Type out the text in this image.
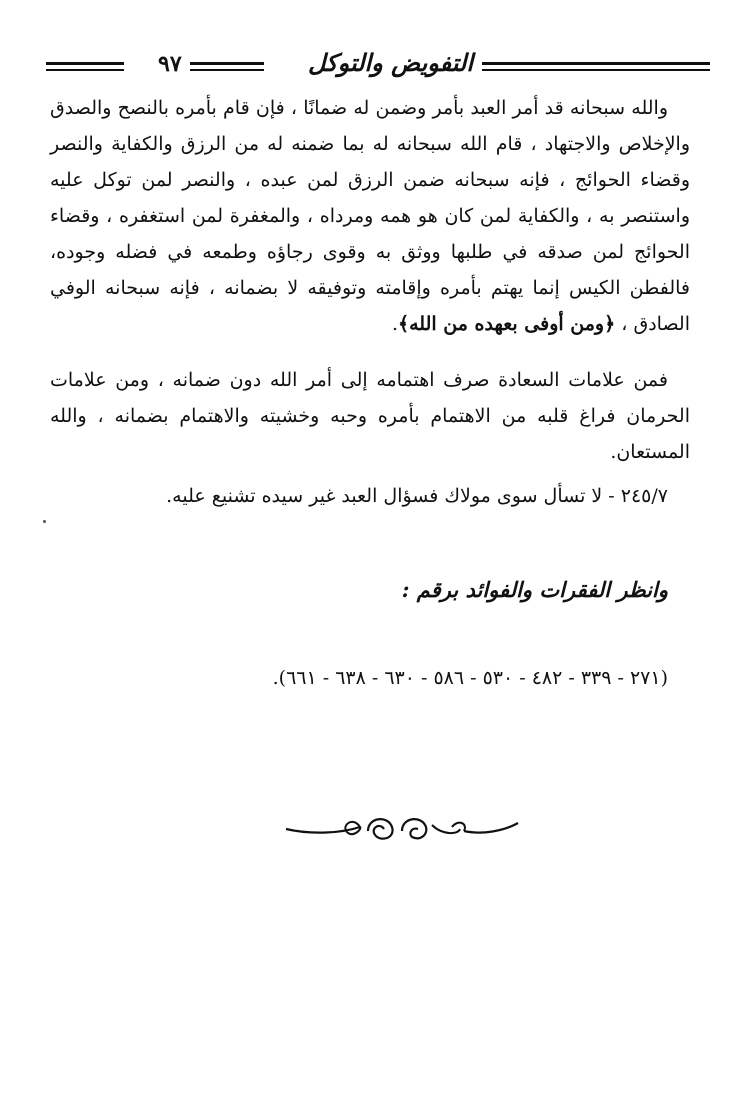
٩٧	التفويض والتوكل

والله سبحانه قد أمر العبد بأمر وضمن له ضمانًا ، فإن قام بأمره بالنصح والصدق والإخلاص والاجتهاد ، قام الله سبحانه له بما ضمنه له من الرزق والكفاية والنصر وقضاء الحوائج ، فإنه سبحانه ضمن الرزق لمن عبده ، والنصر لمن توكل عليه واستنصر به ، والكفاية لمن كان هو همه ومرداه ، والمغفرة لمن استغفره ، وقضاء الحوائج لمن صدقه في طلبها ووثق به وقوى رجاؤه وطمعه في فضله وجوده، فالفطن الكيس إنما يهتم بأمره وإقامته وتوفيقه لا بضمانه ، فإنه سبحانه الوفي الصادق ، ﴿ومن أوفى بعهده من الله﴾.

فمن علامات السعادة صرف اهتمامه إلى أمر الله دون ضمانه ، ومن علامات الحرمان فراغ قلبه من الاهتمام بأمره وحبه وخشيته والاهتمام بضمانه ، والله المستعان.

٢٤٥/٧ - لا تسأل سوى مولاك فسؤال العبد غير سيده تشنيع عليه.
وانظر الفقرات والفوائد برقم :
(٢٧١ - ٣٣٩ - ٤٨٢ - ٥٣٠ - ٥٨٦ - ٦٣٠ - ٦٣٨ - ٦٦١).
